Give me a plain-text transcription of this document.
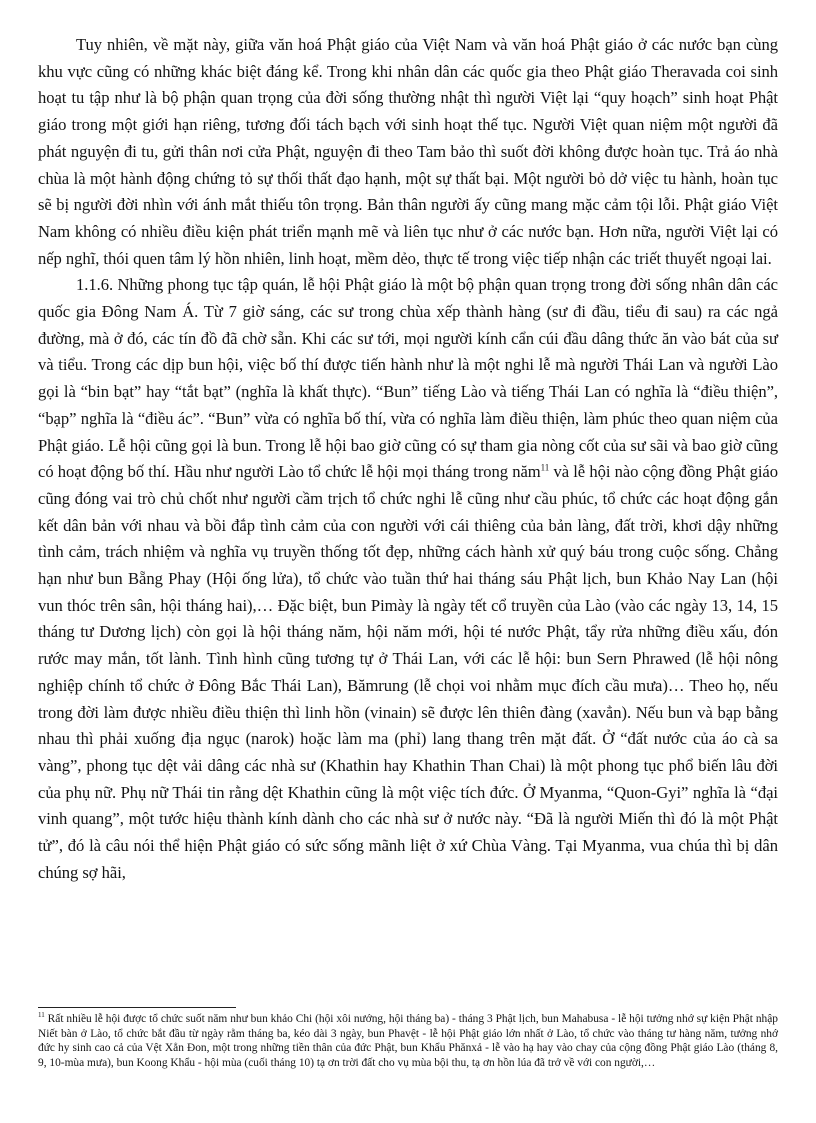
Tuy nhiên, về mặt này, giữa văn hoá Phật giáo của Việt Nam và văn hoá Phật giáo ở các nước bạn cùng khu vực cũng có những khác biệt đáng kể. Trong khi nhân dân các quốc gia theo Phật giáo Theravada coi sinh hoạt tu tập như là bộ phận quan trọng của đời sống thường nhật thì người Việt lại “quy hoạch” sinh hoạt Phật giáo trong một giới hạn riêng, tương đối tách bạch với sinh hoạt thế tục. Người Việt quan niệm một người đã phát nguyện đi tu, gửi thân nơi cửa Phật, nguyện đi theo Tam bảo thì suốt đời không được hoàn tục. Trả áo nhà chùa là một hành động chứng tỏ sự thối thất đạo hạnh, một sự thất bại. Một người bỏ dở việc tu hành, hoàn tục sẽ bị người đời nhìn với ánh mắt thiếu tôn trọng. Bản thân người ấy cũng mang mặc cảm tội lỗi. Phật giáo Việt Nam không có nhiều điều kiện phát triển mạnh mẽ và liên tục như ở các nước bạn. Hơn nữa, người Việt lại có nếp nghĩ, thói quen tâm lý hồn nhiên, linh hoạt, mềm dẻo, thực tế trong việc tiếp nhận các triết thuyết ngoại lai.

1.1.6. Những phong tục tập quán, lễ hội Phật giáo là một bộ phận quan trọng trong đời sống nhân dân các quốc gia Đông Nam Á. Từ 7 giờ sáng, các sư trong chùa xếp thành hàng (sư đi đầu, tiểu đi sau) ra các ngả đường, mà ở đó, các tín đồ đã chờ sẵn. Khi các sư tới, mọi người kính cẩn cúi đầu dâng thức ăn vào bát của sư và tiểu. Trong các dịp bun hội, việc bố thí được tiến hành như là một nghi lễ mà người Thái Lan và người Lào gọi là “bin bạt” hay “tắt bạt” (nghĩa là khất thực). “Bun” tiếng Lào và tiếng Thái Lan có nghĩa là “điều thiện”, “bạp” nghĩa là “điều ác”. “Bun” vừa có nghĩa bố thí, vừa có nghĩa làm điều thiện, làm phúc theo quan niệm của Phật giáo. Lễ hội cũng gọi là bun. Trong lễ hội bao giờ cũng có sự tham gia nòng cốt của sư sãi và bao giờ cũng có hoạt động bố thí. Hầu như người Lào tổ chức lễ hội mọi tháng trong năm$^{11}$ và lễ hội nào cộng đồng Phật giáo cũng đóng vai trò chủ chốt như người cầm trịch tổ chức nghi lễ cũng như cầu phúc, tổ chức các hoạt động gắn kết dân bản với nhau và bồi đắp tình cảm của con người với cái thiêng của bản làng, đất trời, khơi dậy những tình cảm, trách nhiệm và nghĩa vụ truyền thống tốt đẹp, những cách hành xử quý báu trong cuộc sống. Chẳng hạn như bun Bẵng Phay (Hội ống lửa), tổ chức vào tuần thứ hai tháng sáu Phật lịch, bun Khảo Nay Lan (hội vun thóc trên sân, hội tháng hai),… Đặc biệt, bun Pimày là ngày tết cổ truyền của Lào (vào các ngày 13, 14, 15 tháng tư Dương lịch) còn gọi là hội tháng năm, hội năm mới, hội té nước Phật, tẩy rửa những điều xấu, đón rước may mắn, tốt lành. Tình hình cũng tương tự ở Thái Lan, với các lễ hội: bun Sern Phrawed (lễ hội nông nghiệp chính tổ chức ở Đông Bắc Thái Lan), Bămrung (lễ chọi voi nhằm mục đích cầu mưa)… Theo họ, nếu trong đời làm được nhiều điều thiện thì linh hồn (vinain) sẽ được lên thiên đàng (xavẳn). Nếu bun và bạp bằng nhau thì phải xuống địa ngục (narok) hoặc làm ma (phỉ) lang thang trên mặt đất. Ở “đất nước của áo cà sa vàng”, phong tục dệt vải dâng các nhà sư (Khathin hay Khathin Than Chai) là một phong tục phổ biến lâu đời của phụ nữ. Phụ nữ Thái tin rằng dệt Khathin cũng là một việc tích đức. Ở Myanma, “Quon-Gyi” nghĩa là “đại vinh quang”, một tước hiệu thành kính dành cho các nhà sư ở nước này. “Đã là người Miến thì đó là một Phật tử”, đó là câu nói thể hiện Phật giáo có sức sống mãnh liệt ở xứ Chùa Vàng. Tại Myanma, vua chúa thì bị dân chúng sợ hãi,

$^{11}$ Rất nhiều lễ hội được tổ chức suốt năm như bun khảo Chi (hội xôi nướng, hội tháng ba) - tháng 3 Phật lịch, bun Mahabusa - lễ hội tưởng nhớ sự kiện Phật nhập Niết bàn ở Lào, tổ chức bắt đầu từ ngày rằm tháng ba, kéo dài 3 ngày, bun Phavệt - lễ hội Phật giáo lớn nhất ở Lào, tổ chức vào tháng tư hàng năm, tưởng nhớ đức hy sinh cao cả của Vệt Xẳn Đon, một trong những tiền thân của đức Phật, bun Khẩu Phănxả - lễ vào hạ hay vào chay của cộng đồng Phật giáo Lào (tháng 8, 9, 10-mùa mưa), bun Koong Khẩu - hội mùa (cuối tháng 10) tạ ơn trời đất cho vụ mùa bội thu, tạ ơn hồn lúa đã trở về với con người,…
